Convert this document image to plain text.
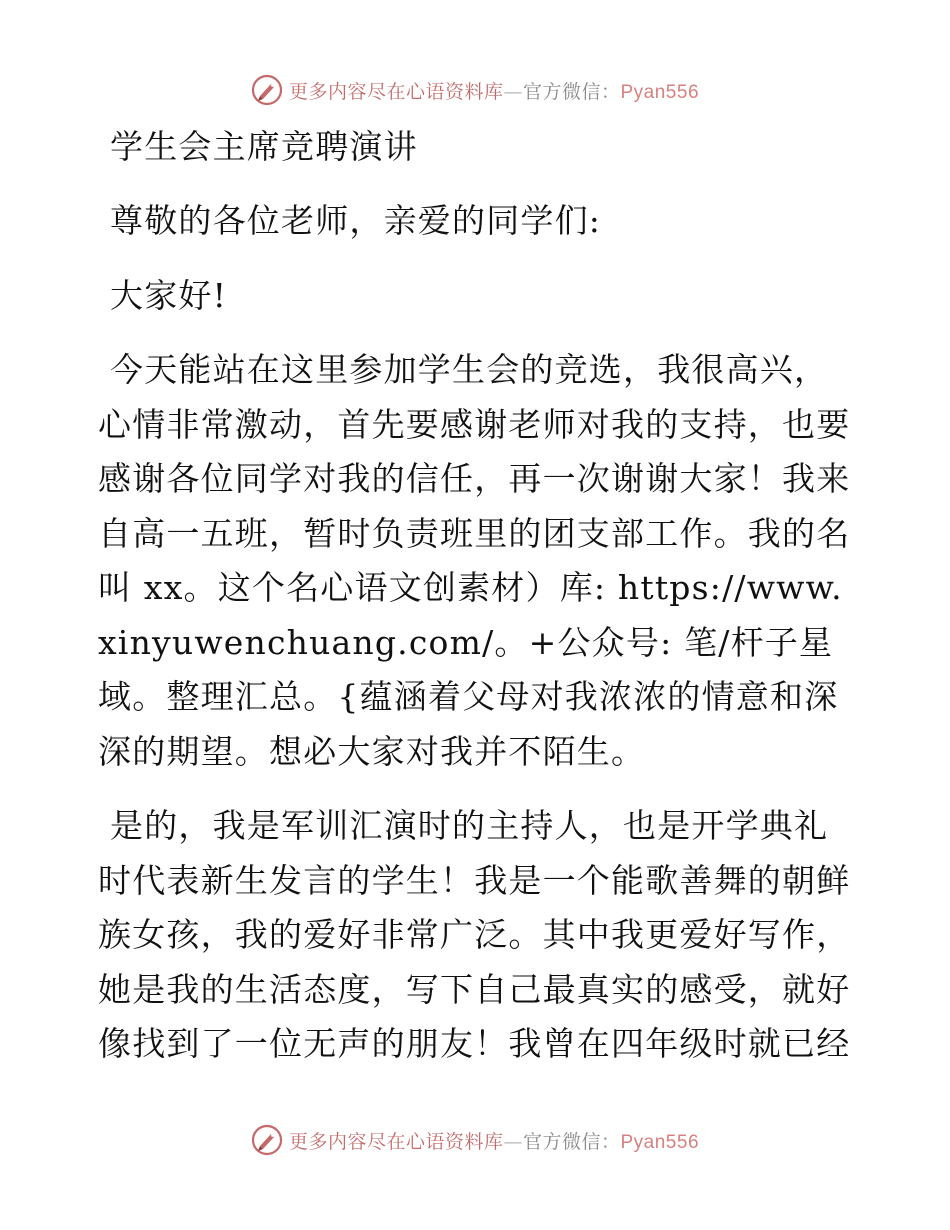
更多内容尽在心语资料库—官方微信：Pyan556

学生会主席竞聘演讲

尊敬的各位老师，亲爱的同学们:

大家好!

今天能站在这里参加学生会的竞选，我很高兴，心情非常激动，首先要感谢老师对我的支持，也要感谢各位同学对我的信任，再一次谢谢大家！我来自高一五班，暂时负责班里的团支部工作。我的名叫 xx。这个名心语文创素材）库: https://www.xinyuwenchuang.com/。+公众号: 笔/杆子星域。整理汇总。{蕴涵着父母对我浓浓的情意和深深的期望。想必大家对我并不陌生。

是的，我是军训汇演时的主持人，也是开学典礼时代表新生发言的学生！我是一个能歌善舞的朝鲜族女孩，我的爱好非常广泛。其中我更爱好写作，她是我的生活态度，写下自己最真实的感受，就好像找到了一位无声的朋友！我曾在四年级时就已经

更多内容尽在心语资料库—官方微信：Pyan556
